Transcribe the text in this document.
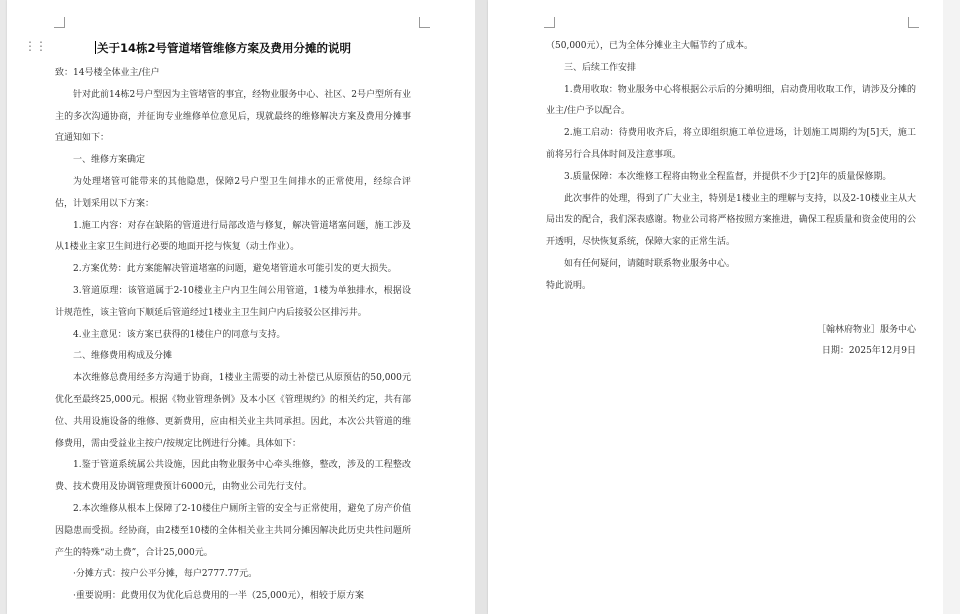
⋮⋮	关于14栋2号管道堵管维修方案及费用分摊的说明

致：14号楼全体业主/住户

针对此前14栋2号户型因为主管堵管的事宜，经物业服务中心、社区、2号户型所有业主的多次沟通协商，并征询专业维修单位意见后，现就最终的维修解决方案及费用分摊事宜通知如下：

一、维修方案确定

为处理堵管可能带来的其他隐患，保障2号户型卫生间排水的正常使用，经综合评估，计划采用以下方案：

1.施工内容：对存在缺陷的管道进行局部改造与修复，解决管道堵塞问题，施工涉及从1楼业主家卫生间进行必要的地面开挖与恢复（动土作业）。

2.方案优势：此方案能解决管道堵塞的问题，避免堵管道水可能引发的更大损失。

3.管道原理：该管道属于2-10楼业主户内卫生间公用管道，1楼为单独排水，根据设计规范性，该主管向下顺延后管道经过1楼业主卫生间户内后接驳公区排污井。

4.业主意见：该方案已获得的1楼住户的同意与支持。

二、维修费用构成及分摊

本次维修总费用经多方沟通于协商，1楼业主需要的动土补偿已从原预估的50,000元优化至最终25,000元。根据《物业管理条例》及本小区《管理规约》的相关约定，共有部位、共用设施设备的维修、更新费用，应由相关业主共同承担。因此，本次公共管道的维修费用，需由受益业主按户/按规定比例进行分摊。具体如下：

1.鉴于管道系统属公共设施，因此由物业服务中心牵头维修，整改，涉及的工程整改费、技术费用及协调管理费预计6000元，由物业公司先行支付。

2.本次维修从根本上保障了2-10楼住户厕所主管的安全与正常使用，避免了房产价值因隐患而受损。经协商，由2楼至10楼的全体相关业主共同分摊因解决此历史共性问题所产生的特殊“动土费”，合计25,000元。

·分摊方式：按户公平分摊，每户2777.77元。

·重要说明：此费用仅为优化后总费用的一半（25,000元），相较于原方案

（50,000元），已为全体分摊业主大幅节约了成本。

三、后续工作安排

1.费用收取：物业服务中心将根据公示后的分摊明细，启动费用收取工作，请涉及分摊的业主/住户予以配合。

2.施工启动：待费用收齐后，将立即组织施工单位进场，计划施工周期约为[5]天，施工前将另行合具体时间及注意事项。

3.质量保障：本次维修工程将由物业全程监督，并提供不少于[2]年的质量保修期。

此次事件的处理，得到了广大业主，特别是1楼业主的理解与支持，以及2-10楼业主从大局出发的配合，我们深表感谢。物业公司将严格按照方案推进，确保工程质量和资金使用的公开透明，尽快恢复系统，保障大家的正常生活。

如有任何疑问，请随时联系物业服务中心。

特此说明。

［翰林府物业］服务中心

日期：2025年12月9日
